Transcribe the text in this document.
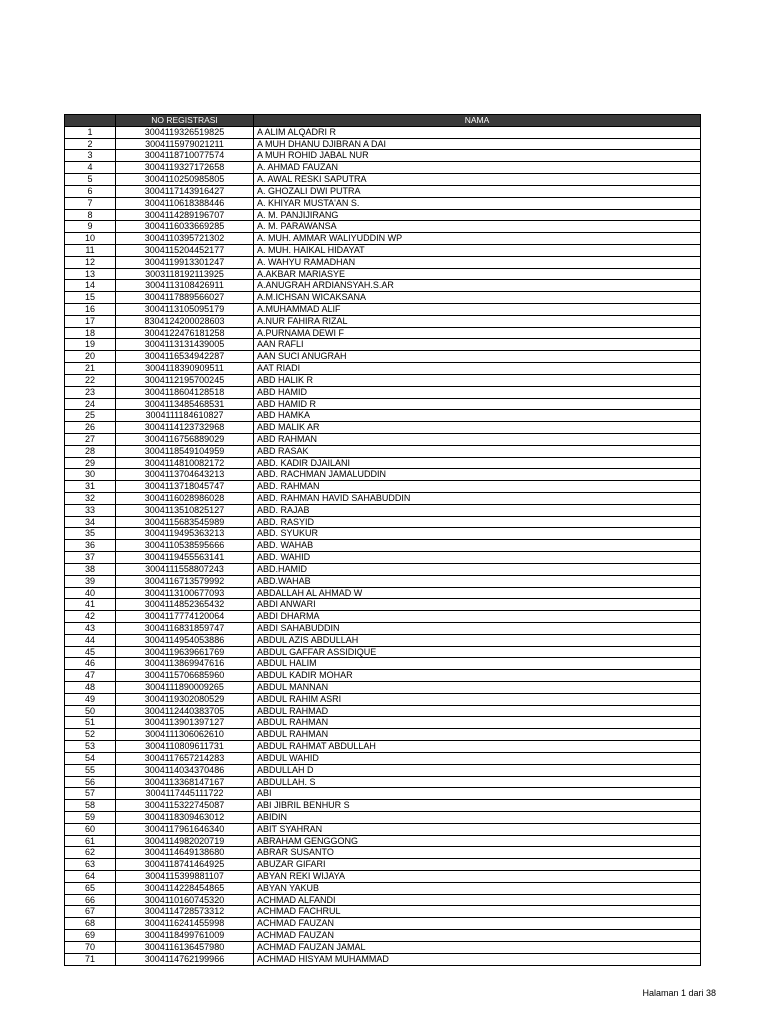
	NO REGISTRASI	NAMA
1	3004119326519825	A ALIM ALQADRI R
2	3004115979021211	A MUH DHANU DJIBRAN A DAI
3	3004118710077574	A MUH ROHID JABAL NUR
4	3004119327172658	A. AHMAD FAUZAN
5	3004110250985805	A. AWAL RESKI SAPUTRA
6	3004117143916427	A. GHOZALI DWI PUTRA
7	3004110618388446	A. KHIYAR MUSTA'AN S.
8	3004114289196707	A. M. PANJIJIRANG
9	3004116033669285	A. M. PARAWANSA
10	3004110395721302	A. MUH. AMMAR WALIYUDDIN WP
11	3004115204452177	A. MUH. HAIKAL HIDAYAT
12	3004119913301247	A. WAHYU RAMADHAN
13	3003118192113925	A.AKBAR MARIASYE
14	3004113108426911	A.ANUGRAH ARDIANSYAH.S.AR
15	3004117889566027	A.M.ICHSAN WICAKSANA
16	3004113105095179	A.MUHAMMAD ALIF
17	8304124200028603	A.NUR FAHIRA RIZAL
18	3004122476181258	A.PURNAMA DEWI F
19	3004113131439005	AAN RAFLI
20	3004116534942287	AAN SUCI ANUGRAH
21	3004118390909511	AAT RIADI
22	3004112195700245	ABD HALIK R
23	3004118604128518	ABD HAMID
24	3004113485468531	ABD HAMID R
25	3004111184610827	ABD HAMKA
26	3004114123732968	ABD MALIK AR
27	3004116756889029	ABD RAHMAN
28	3004118549104959	ABD RASAK
29	3004114810082172	ABD. KADIR DJAILANI
30	3004113704643213	ABD. RACHMAN JAMALUDDIN
31	3004113718045747	ABD. RAHMAN
32	3004116028986028	ABD. RAHMAN HAVID SAHABUDDIN
33	3004113510825127	ABD. RAJAB
34	3004115683545989	ABD. RASYID
35	3004119495363213	ABD. SYUKUR
36	3004110538595666	ABD. WAHAB
37	3004119455563141	ABD. WAHID
38	3004111558807243	ABD.HAMID
39	3004116713579992	ABD.WAHAB
40	3004113100677093	ABDALLAH AL AHMAD W
41	3004114852365432	ABDI ANWARI
42	3004117774120064	ABDI DHARMA
43	3004116831859747	ABDI SAHABUDDIN
44	3004114954053886	ABDUL AZIS ABDULLAH
45	3004119639661769	ABDUL GAFFAR ASSIDIQUE
46	3004113869947616	ABDUL HALIM
47	3004115706685960	ABDUL KADIR MOHAR
48	3004111890009265	ABDUL MANNAN
49	3004119302080529	ABDUL RAHIM ASRI
50	3004112440383705	ABDUL RAHMAD
51	3004113901397127	ABDUL RAHMAN
52	3004111306062610	ABDUL RAHMAN
53	3004110809611731	ABDUL RAHMAT ABDULLAH
54	3004117657214283	ABDUL WAHID
55	3004114034370486	ABDULLAH D
56	3004113368147167	ABDULLAH. S
57	3004117445111722	ABI
58	3004115322745087	ABI JIBRIL BENHUR S
59	3004118309463012	ABIDIN
60	3004117961646340	ABIT SYAHRAN
61	3004114982020719	ABRAHAM GENGGONG
62	3004114649138680	ABRAR SUSANTO
63	3004118741464925	ABUZAR GIFARI
64	3004115399881107	ABYAN REKI WIJAYA
65	3004114228454865	ABYAN YAKUB
66	3004110160745320	ACHMAD ALFANDI
67	3004114728573312	ACHMAD FACHRUL
68	3004116241455998	ACHMAD FAUZAN
69	3004118499761009	ACHMAD FAUZAN
70	3004116136457980	ACHMAD FAUZAN JAMAL
71	3004114762199966	ACHMAD HISYAM MUHAMMAD
Halaman 1 dari 38
